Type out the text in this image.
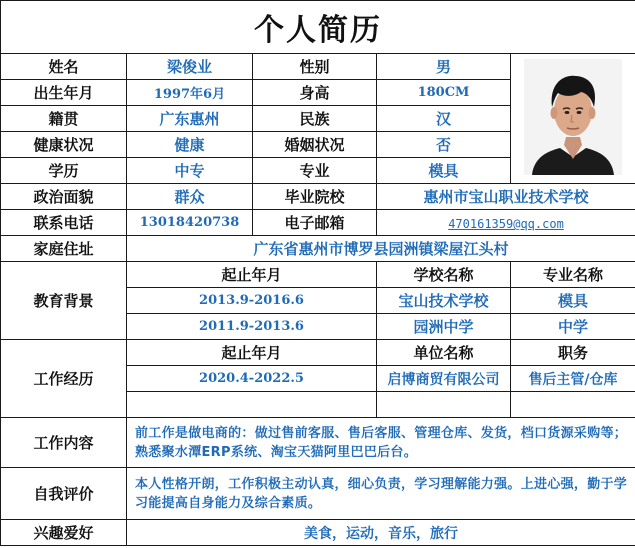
个人简历				
姓名	梁俊业	性别	男	
出生年月	1997年6月	身高	180CM	
籍贯	广东惠州	民族	汉	
健康状况	健康	婚姻状况	否	
学历	中专	专业	模具	
政治面貌	群众	毕业院校	惠州市宝山职业技术学校	
联系电话	13018420738	电子邮箱	470161359@qq.com	
家庭住址	广东省惠州市博罗县园洲镇梁屋江头村			
教育背景	起止年月		学校名称	专业名称
	2013.9-2016.6		宝山技术学校	模具
	2011.9-2013.6		园洲中学	中学
工作经历	起止年月		单位名称	职务
	2020.4-2022.5		启博商贸有限公司	售后主管/仓库

工作内容	前工作是做电商的：做过售前客服、售后客服、管理仓库、发货，档口货源采购等；熟悉聚水潭ERP系统、淘宝天猫阿里巴巴后台。			
自我评价	本人性格开朗，工作积极主动认真，细心负责，学习理解能力强。上进心强，勤于学习能提高自身能力及综合素质。			
兴趣爱好	美食，运动，音乐，旅行			
